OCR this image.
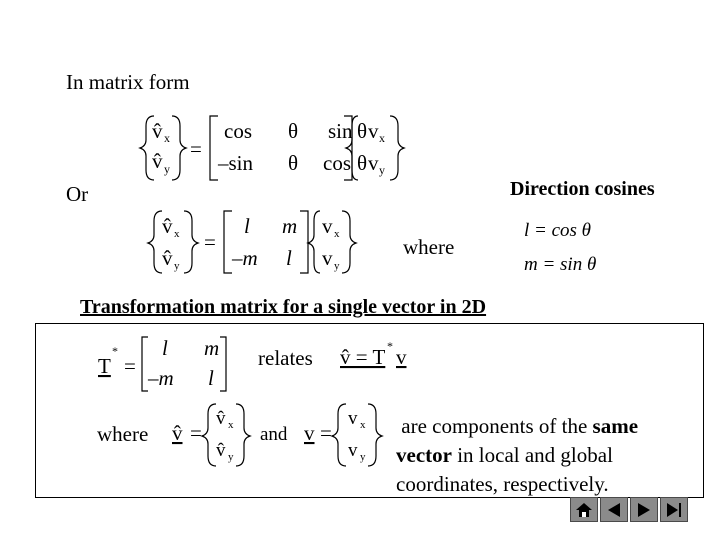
In matrix form
v̂ x
v̂ y
=
cos θ sin
–sin θ cos
θ
θ
v x
v y
Or	Direction cosines
v̂ x
v̂ y
=
l m
–m l
v x
v y
where
l = cos θ
m = sin θ
Transformation matrix for a single vector in 2D
T
*
=
l m
–m l
relates v̂ = T * v
where v̂ =
v̂ x
v̂ y
and v =
v x
v y
are components of the same
vector in local and global
coordinates, respectively.
